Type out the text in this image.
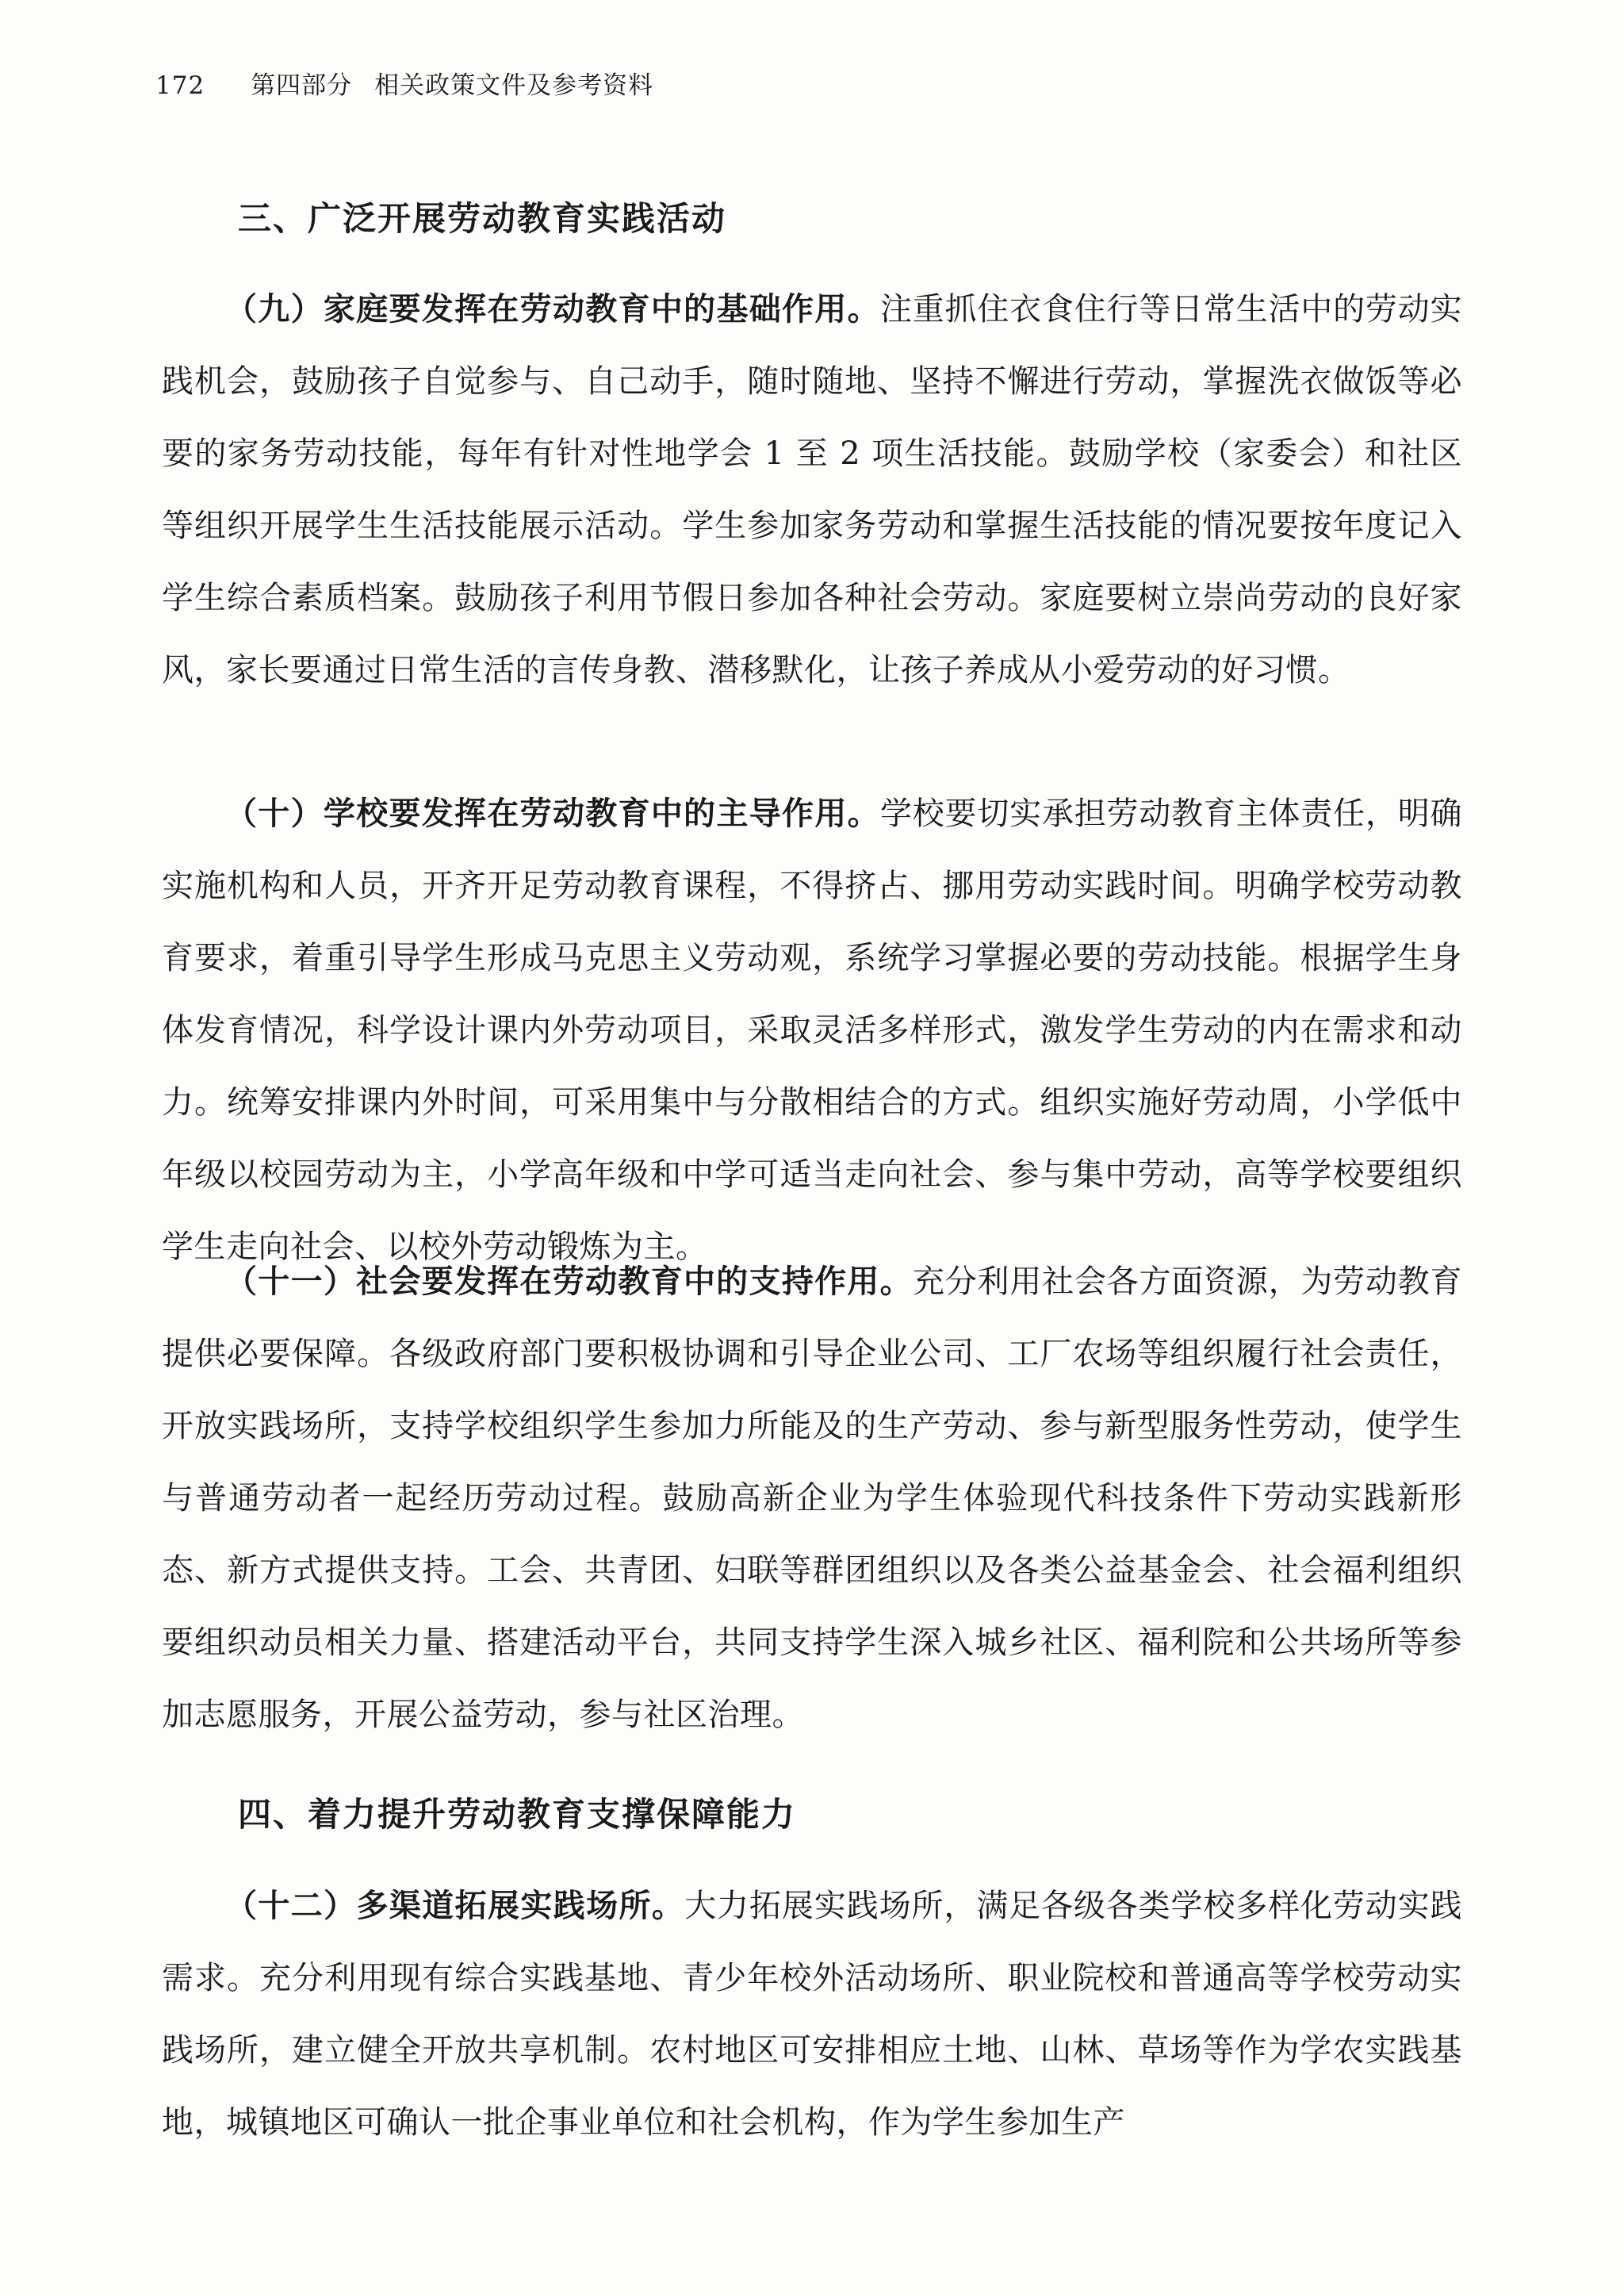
172 第四部分 相关政策文件及参考资料
三、广泛开展劳动教育实践活动

（九）家庭要发挥在劳动教育中的基础作用。注重抓住衣食住行等日常生活中的劳动实践机会，鼓励孩子自觉参与、自己动手，随时随地、坚持不懈进行劳动，掌握洗衣做饭等必要的家务劳动技能，每年有针对性地学会 1 至 2 项生活技能。鼓励学校（家委会）和社区等组织开展学生生活技能展示活动。学生参加家务劳动和掌握生活技能的情况要按年度记入学生综合素质档案。鼓励孩子利用节假日参加各种社会劳动。家庭要树立崇尚劳动的良好家风，家长要通过日常生活的言传身教、潜移默化，让孩子养成从小爱劳动的好习惯。

（十）学校要发挥在劳动教育中的主导作用。学校要切实承担劳动教育主体责任，明确实施机构和人员，开齐开足劳动教育课程，不得挤占、挪用劳动实践时间。明确学校劳动教育要求，着重引导学生形成马克思主义劳动观，系统学习掌握必要的劳动技能。根据学生身体发育情况，科学设计课内外劳动项目，采取灵活多样形式，激发学生劳动的内在需求和动力。统筹安排课内外时间，可采用集中与分散相结合的方式。组织实施好劳动周，小学低中年级以校园劳动为主，小学高年级和中学可适当走向社会、参与集中劳动，高等学校要组织学生走向社会、以校外劳动锻炼为主。

（十一）社会要发挥在劳动教育中的支持作用。充分利用社会各方面资源，为劳动教育提供必要保障。各级政府部门要积极协调和引导企业公司、工厂农场等组织履行社会责任，开放实践场所，支持学校组织学生参加力所能及的生产劳动、参与新型服务性劳动，使学生与普通劳动者一起经历劳动过程。鼓励高新企业为学生体验现代科技条件下劳动实践新形态、新方式提供支持。工会、共青团、妇联等群团组织以及各类公益基金会、社会福利组织要组织动员相关力量、搭建活动平台，共同支持学生深入城乡社区、福利院和公共场所等参加志愿服务，开展公益劳动，参与社区治理。

四、着力提升劳动教育支撑保障能力

（十二）多渠道拓展实践场所。大力拓展实践场所，满足各级各类学校多样化劳动实践需求。充分利用现有综合实践基地、青少年校外活动场所、职业院校和普通高等学校劳动实践场所，建立健全开放共享机制。农村地区可安排相应土地、山林、草场等作为学农实践基地，城镇地区可确认一批企事业单位和社会机构，作为学生参加生产
